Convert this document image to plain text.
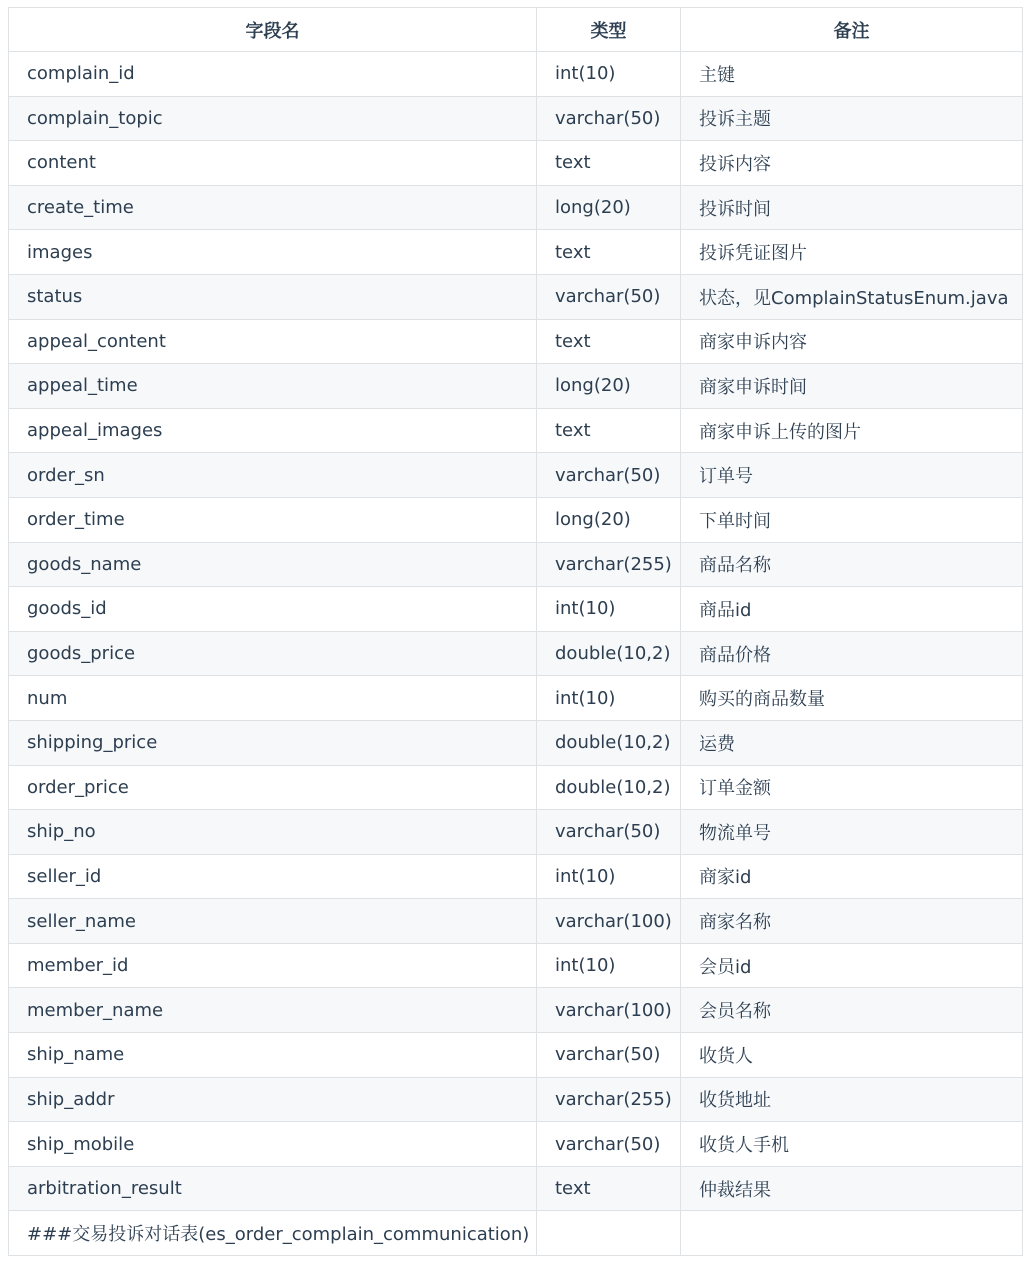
字段名	类型	备注
complain_id	int(10)	主键
complain_topic	varchar(50)	投诉主题
content	text	投诉内容
create_time	long(20)	投诉时间
images	text	投诉凭证图片
status	varchar(50)	状态，见ComplainStatusEnum.java
appeal_content	text	商家申诉内容
appeal_time	long(20)	商家申诉时间
appeal_images	text	商家申诉上传的图片
order_sn	varchar(50)	订单号
order_time	long(20)	下单时间
goods_name	varchar(255)	商品名称
goods_id	int(10)	商品id
goods_price	double(10,2)	商品价格
num	int(10)	购买的商品数量
shipping_price	double(10,2)	运费
order_price	double(10,2)	订单金额
ship_no	varchar(50)	物流单号
seller_id	int(10)	商家id
seller_name	varchar(100)	商家名称
member_id	int(10)	会员id
member_name	varchar(100)	会员名称
ship_name	varchar(50)	收货人
ship_addr	varchar(255)	收货地址
ship_mobile	varchar(50)	收货人手机
arbitration_result	text	仲裁结果
###交易投诉对话表(es_order_complain_communication)		
